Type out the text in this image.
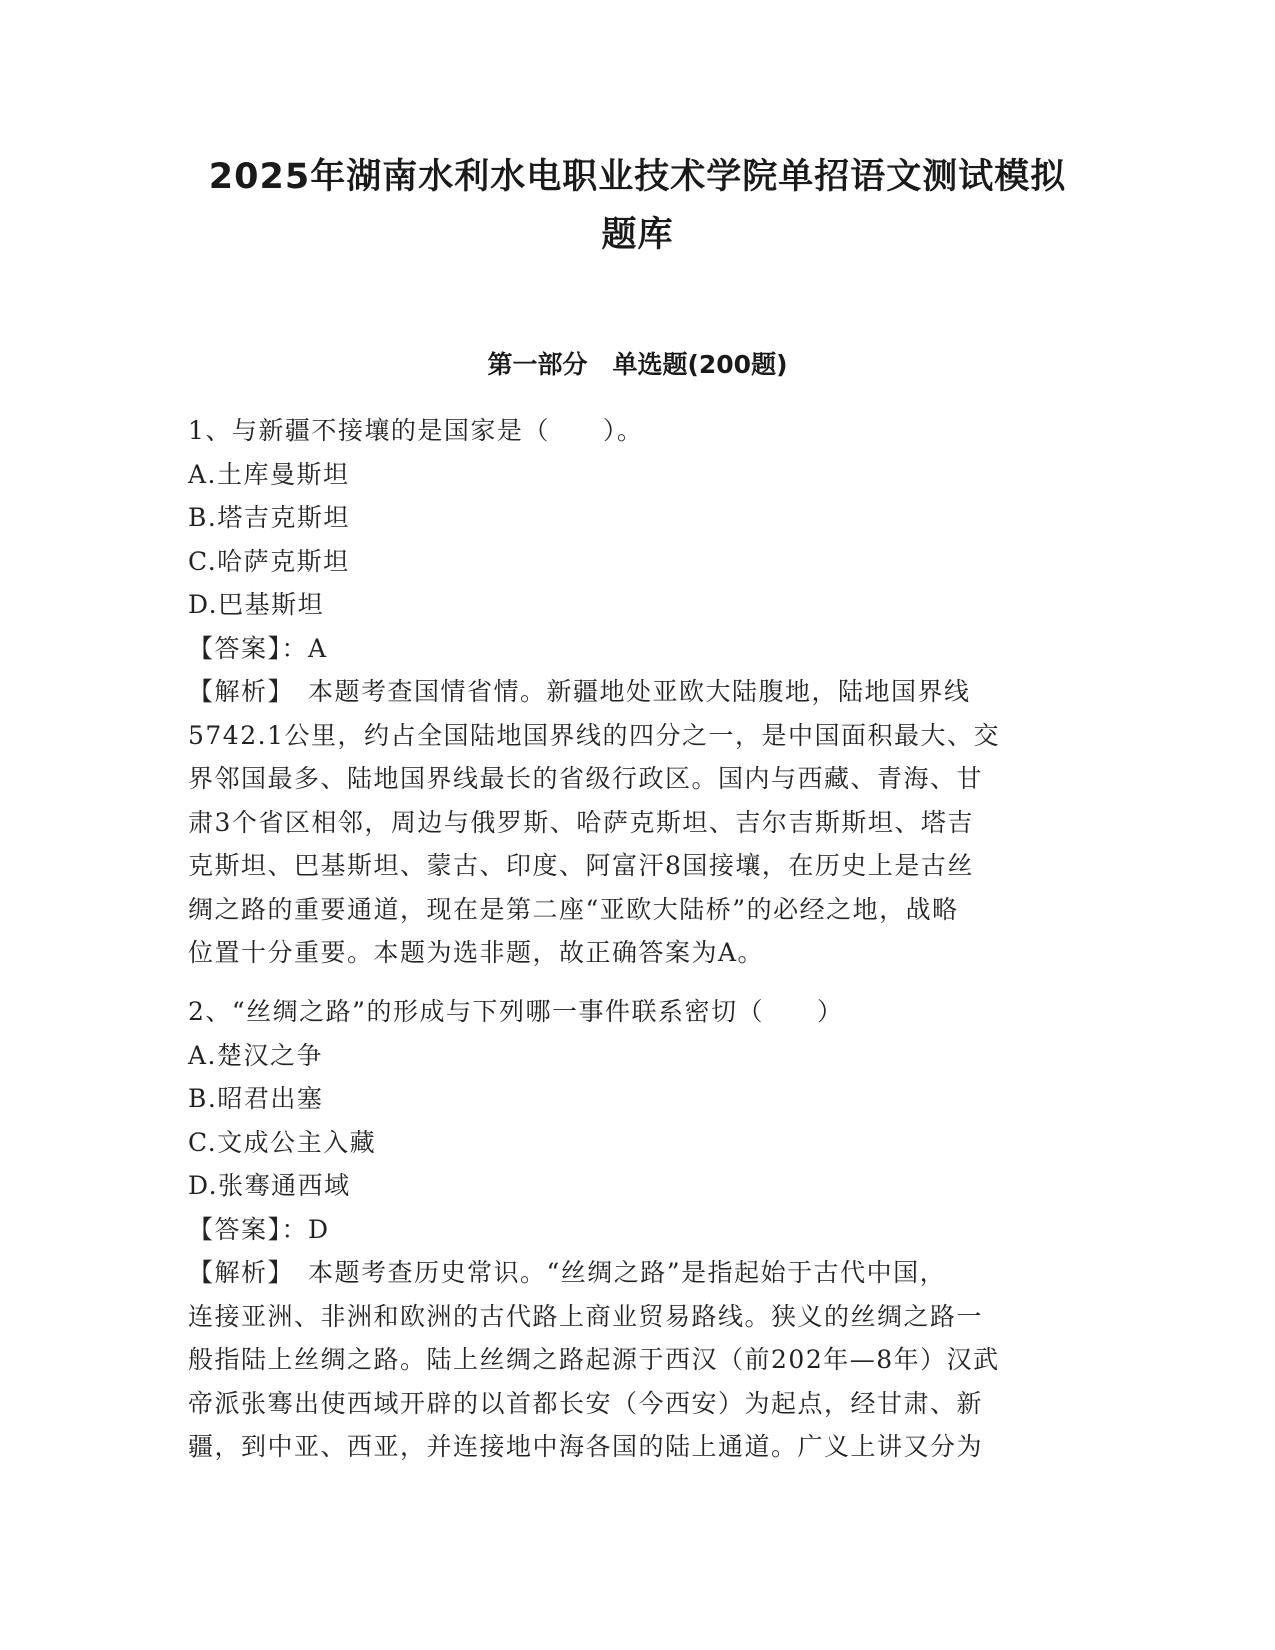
2025年湖南水利水电职业技术学院单招语文测试模拟
题库
第一部分　单选题(200题)

1、与新疆不接壤的是国家是（　　）。

A.土库曼斯坦

B.塔吉克斯坦

C.哈萨克斯坦

D.巴基斯坦

【答案】：A

【解析】　本题考查国情省情。新疆地处亚欧大陆腹地，陆地国界线

5742.1公里，约占全国陆地国界线的四分之一，是中国面积最大、交

界邻国最多、陆地国界线最长的省级行政区。国内与西藏、青海、甘

肃3个省区相邻，周边与俄罗斯、哈萨克斯坦、吉尔吉斯斯坦、塔吉

克斯坦、巴基斯坦、蒙古、印度、阿富汗8国接壤，在历史上是古丝

绸之路的重要通道，现在是第二座“亚欧大陆桥”的必经之地，战略

位置十分重要。本题为选非题，故正确答案为A。

2、“丝绸之路”的形成与下列哪一事件联系密切（　　）

A.楚汉之争

B.昭君出塞

C.文成公主入藏

D.张骞通西域

【答案】：D

【解析】　本题考查历史常识。“丝绸之路”是指起始于古代中国，

连接亚洲、非洲和欧洲的古代路上商业贸易路线。狭义的丝绸之路一

般指陆上丝绸之路。陆上丝绸之路起源于西汉（前202年—8年）汉武

帝派张骞出使西域开辟的以首都长安（今西安）为起点，经甘肃、新

疆，到中亚、西亚，并连接地中海各国的陆上通道。广义上讲又分为
